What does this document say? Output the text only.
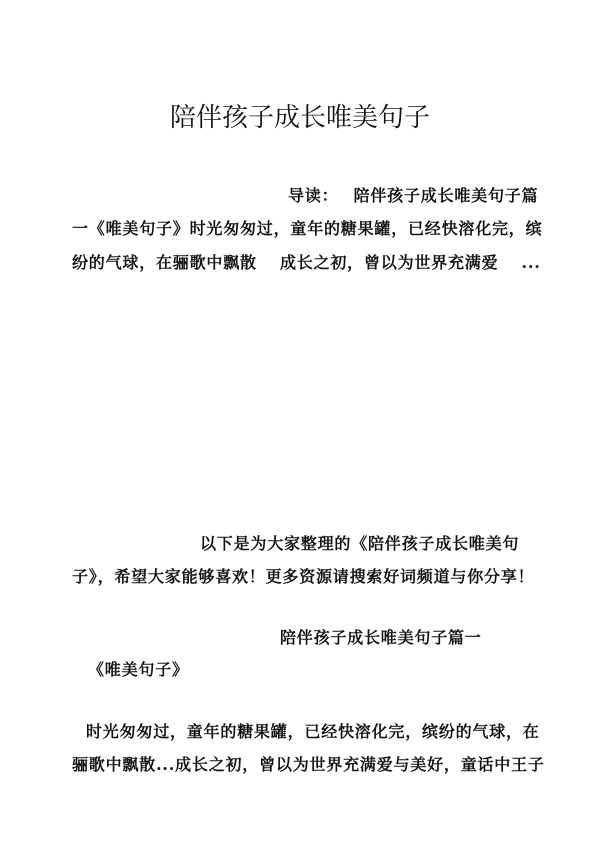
陪伴孩子成长唯美句子
导读：　 陪伴孩子成长唯美句子篇
一《唯美句子》时光匆匆过，童年的糖果罐，已经快溶化完，缤
纷的气球，在骊歌中飘散　 成长之初，曾以为世界充满爱　 ...
以下是为大家整理的《陪伴孩子成长唯美句
子》，希望大家能够喜欢！更多资源请搜索好词频道与你分享！
陪伴孩子成长唯美句子篇一
《唯美句子》
时光匆匆过，童年的糖果罐，已经快溶化完，缤纷的气球，在
骊歌中飘散...成长之初，曾以为世界充满爱与美好，童话中王子
